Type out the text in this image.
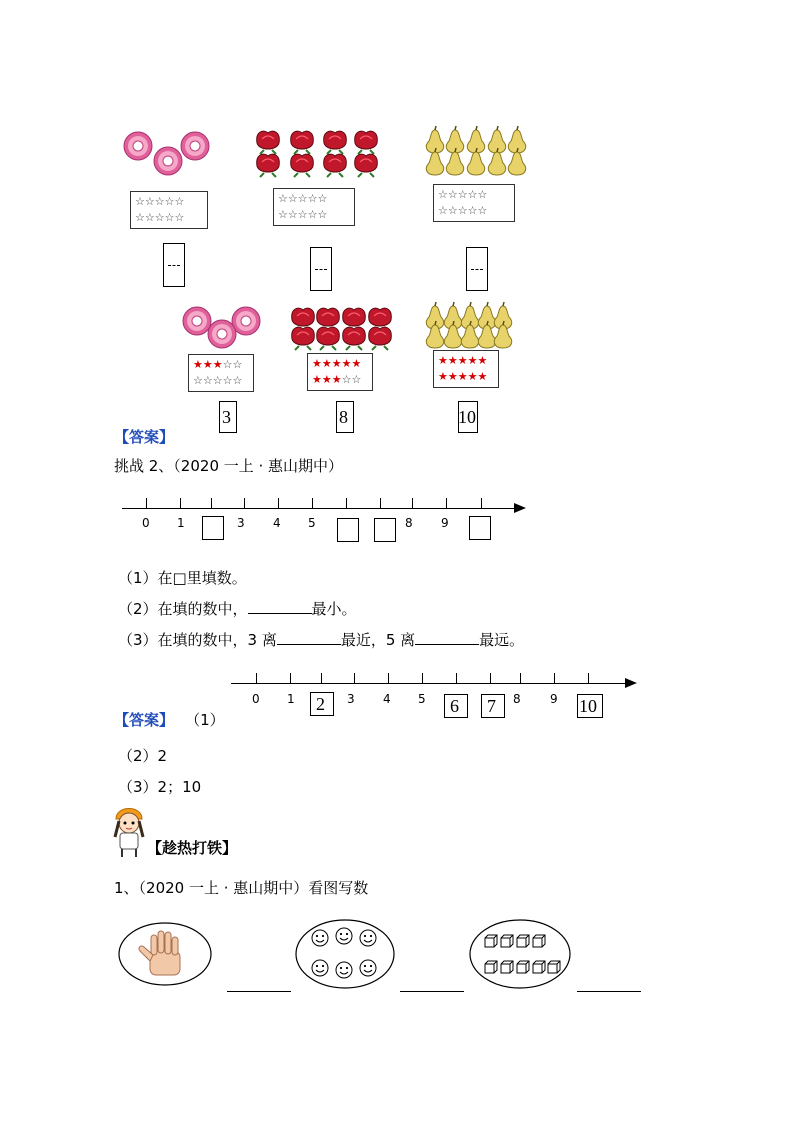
☆☆☆☆☆
☆☆☆☆☆
☆☆☆☆☆
☆☆☆☆☆
☆☆☆☆☆
☆☆☆☆☆
★★★☆☆
☆☆☆☆☆
★★★★★
★★★☆☆
★★★★★
★★★★★
3	8	10
【答案】
挑战 2、（2020 一上 · 惠山期中）
0 1	3 4 5	8 9
（1）在□里填数。
（2）在填的数中，	最小。
（3）在填的数中，3 离	最近，5 离	最远。
0 1 2 3 4 5 6 7 8 9 10
【答案】 （1）
（2）2
（3）2；10
【趁热打铁】
1、（2020 一上 · 惠山期中）看图写数
